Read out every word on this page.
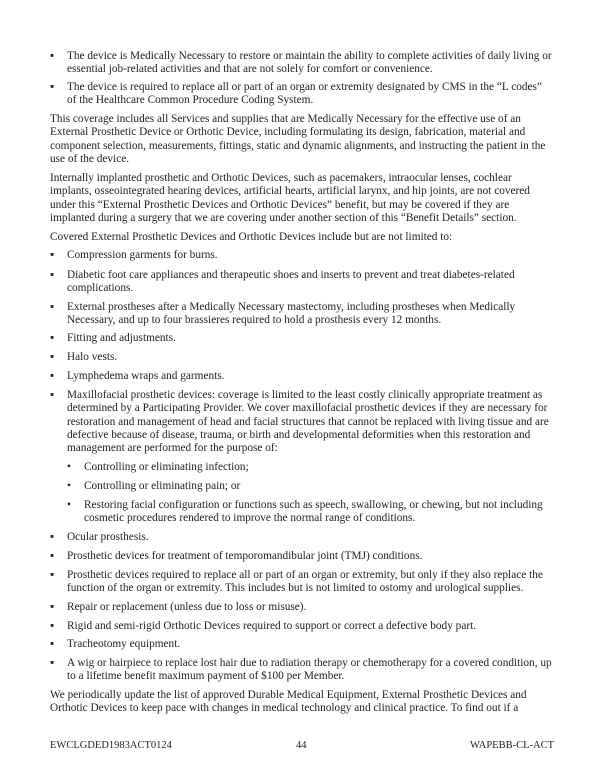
▪ The device is Medically Necessary to restore or maintain the ability to complete activities of daily living or essential job-related activities and that are not solely for comfort or convenience.
▪ The device is required to replace all or part of an organ or extremity designated by CMS in the “L codes” of the Healthcare Common Procedure Coding System.

This coverage includes all Services and supplies that are Medically Necessary for the effective use of an External Prosthetic Device or Orthotic Device, including formulating its design, fabrication, material and component selection, measurements, fittings, static and dynamic alignments, and instructing the patient in the use of the device.

Internally implanted prosthetic and Orthotic Devices, such as pacemakers, intraocular lenses, cochlear implants, osseointegrated hearing devices, artificial hearts, artificial larynx, and hip joints, are not covered under this “External Prosthetic Devices and Orthotic Devices” benefit, but may be covered if they are implanted during a surgery that we are covering under another section of this “Benefit Details” section.

Covered External Prosthetic Devices and Orthotic Devices include but are not limited to:

▪ Compression garments for burns.
▪ Diabetic foot care appliances and therapeutic shoes and inserts to prevent and treat diabetes-related complications.
▪ External prostheses after a Medically Necessary mastectomy, including prostheses when Medically Necessary, and up to four brassieres required to hold a prosthesis every 12 months.
▪ Fitting and adjustments.
▪ Halo vests.
▪ Lymphedema wraps and garments.
▪ Maxillofacial prosthetic devices: coverage is limited to the least costly clinically appropriate treatment as determined by a Participating Provider. We cover maxillofacial prosthetic devices if they are necessary for restoration and management of head and facial structures that cannot be replaced with living tissue and are defective because of disease, trauma, or birth and developmental deformities when this restoration and management are performed for the purpose of:
• Controlling or eliminating infection;
• Controlling or eliminating pain; or
• Restoring facial configuration or functions such as speech, swallowing, or chewing, but not including cosmetic procedures rendered to improve the normal range of conditions.
▪ Ocular prosthesis.
▪ Prosthetic devices for treatment of temporomandibular joint (TMJ) conditions.
▪ Prosthetic devices required to replace all or part of an organ or extremity, but only if they also replace the function of the organ or extremity. This includes but is not limited to ostomy and urological supplies.
▪ Repair or replacement (unless due to loss or misuse).
▪ Rigid and semi-rigid Orthotic Devices required to support or correct a defective body part.
▪ Tracheotomy equipment.
▪ A wig or hairpiece to replace lost hair due to radiation therapy or chemotherapy for a covered condition, up to a lifetime benefit maximum payment of $100 per Member.

We periodically update the list of approved Durable Medical Equipment, External Prosthetic Devices and Orthotic Devices to keep pace with changes in medical technology and clinical practice. To find out if a

EWCLGDED1983ACT0124	44	WAPEBB-CL-ACT
